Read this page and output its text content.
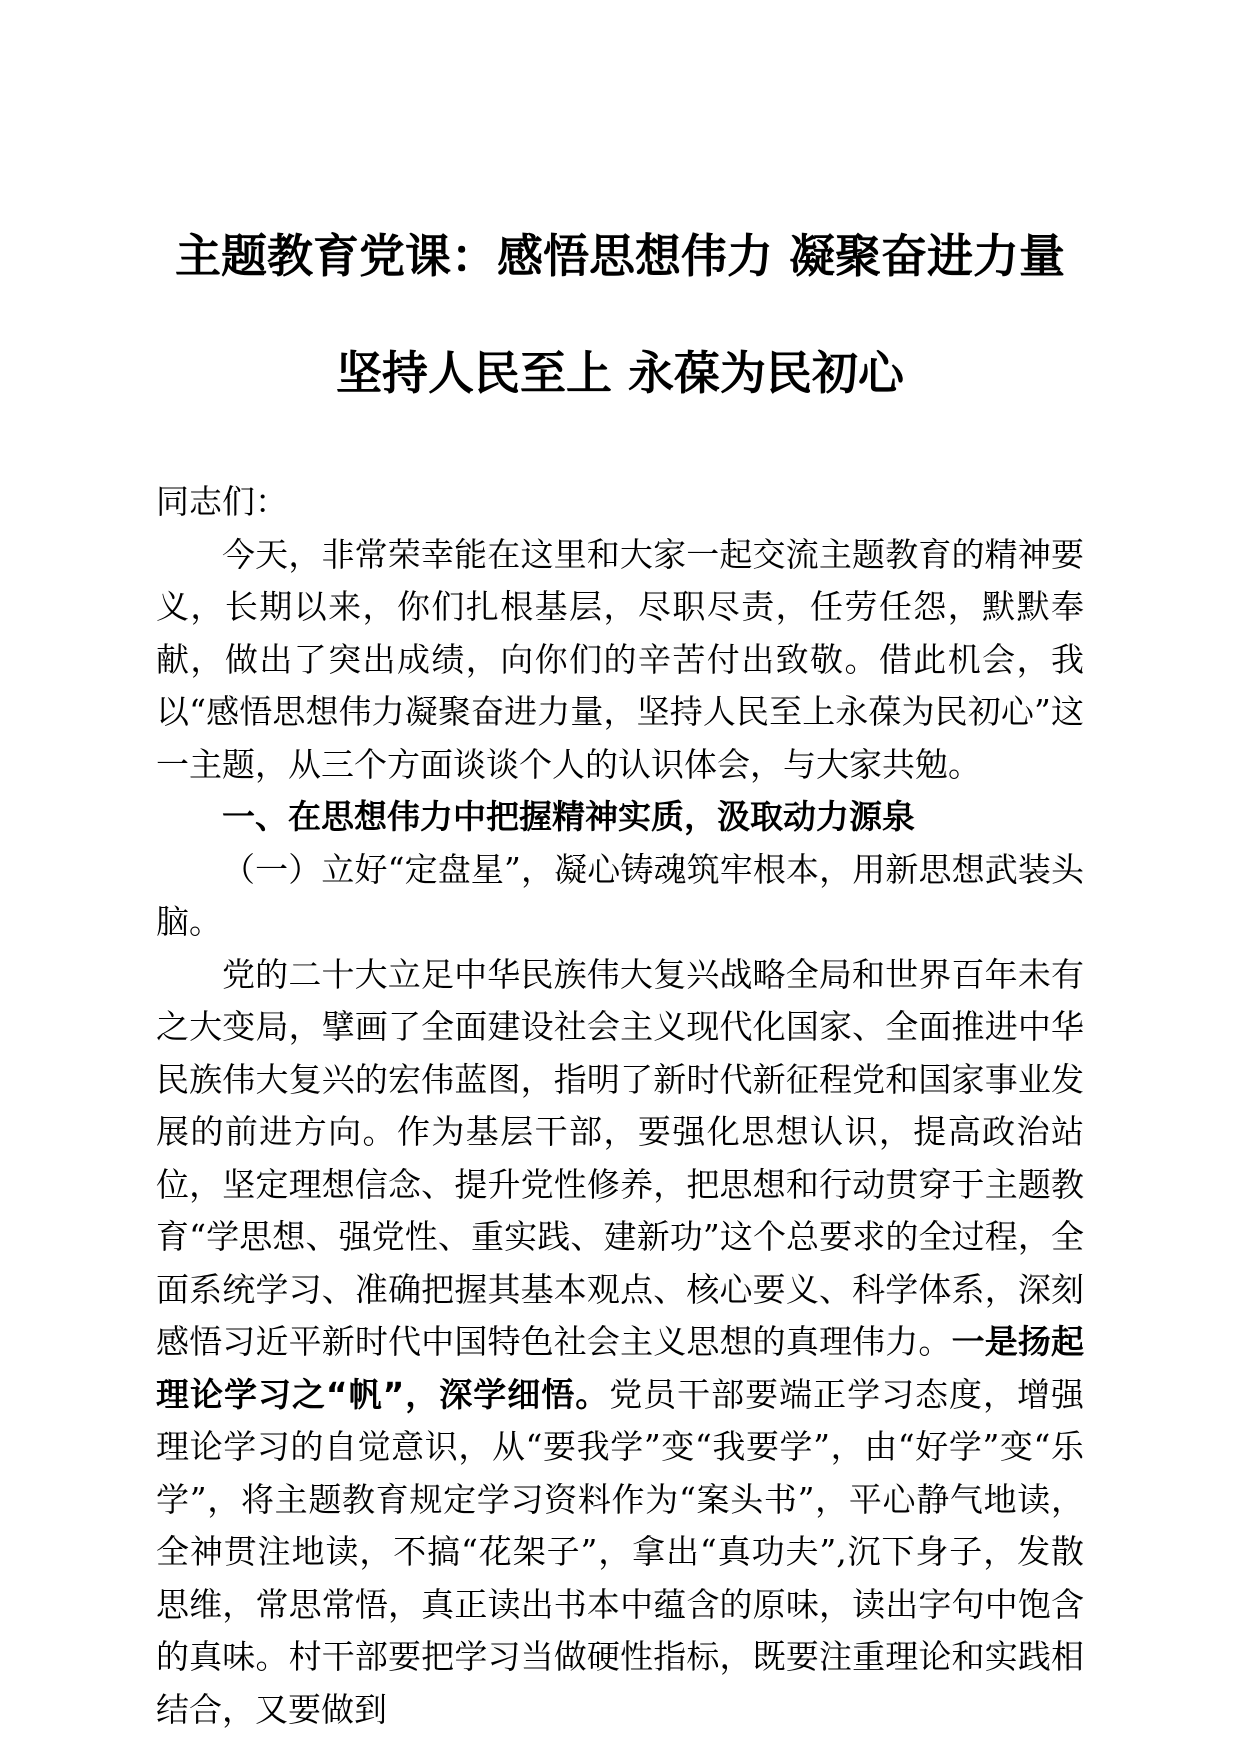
主题教育党课：感悟思想伟力 凝聚奋进力量
坚持人民至上 永葆为民初心

同志们：

今天，非常荣幸能在这里和大家一起交流主题教育的精神要义，长期以来，你们扎根基层，尽职尽责，任劳任怨，默默奉献，做出了突出成绩，向你们的辛苦付出致敬。借此机会，我以“感悟思想伟力凝聚奋进力量，坚持人民至上永葆为民初心”这一主题，从三个方面谈谈个人的认识体会，与大家共勉。

一、在思想伟力中把握精神实质，汲取动力源泉

（一）立好“定盘星”，凝心铸魂筑牢根本，用新思想武装头脑。

党的二十大立足中华民族伟大复兴战略全局和世界百年未有之大变局，擘画了全面建设社会主义现代化国家、全面推进中华民族伟大复兴的宏伟蓝图，指明了新时代新征程党和国家事业发展的前进方向。作为基层干部，要强化思想认识，提高政治站位，坚定理想信念、提升党性修养，把思想和行动贯穿于主题教育“学思想、强党性、重实践、建新功”这个总要求的全过程，全面系统学习、准确把握其基本观点、核心要义、科学体系，深刻感悟习近平新时代中国特色社会主义思想的真理伟力。一是扬起理论学习之“帆”，深学细悟。党员干部要端正学习态度，增强理论学习的自觉意识，从“要我学”变“我要学”，由“好学”变“乐学”，将主题教育规定学习资料作为“案头书”，平心静气地读，全神贯注地读，不搞“花架子”，拿出“真功夫”,沉下身子，发散思维，常思常悟，真正读出书本中蕴含的原味，读出字句中饱含的真味。村干部要把学习当做硬性指标，既要注重理论和实践相结合，又要做到
